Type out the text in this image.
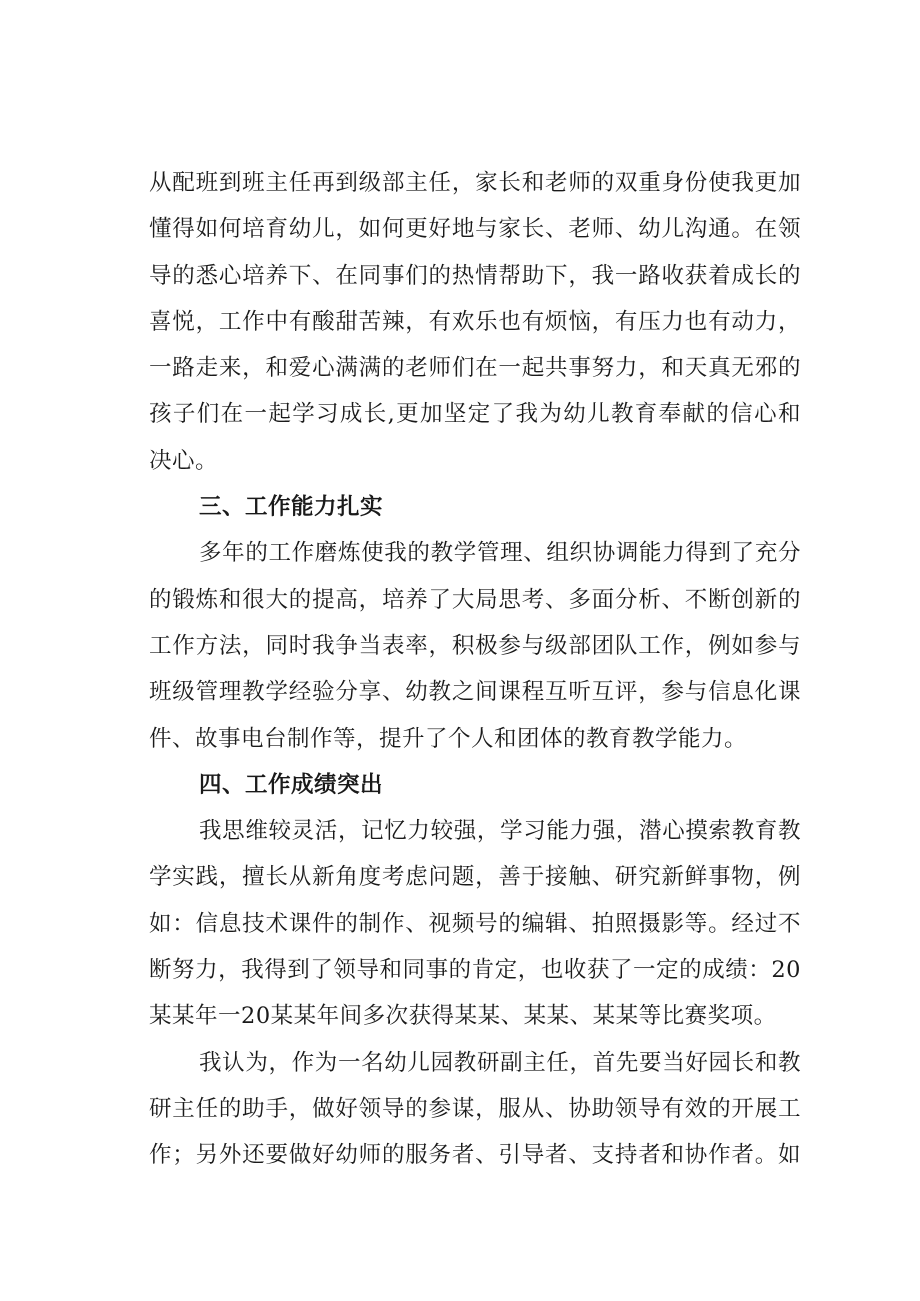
从配班到班主任再到级部主任，家长和老师的双重身份使我更加
懂得如何培育幼儿，如何更好地与家长、老师、幼儿沟通。在领
导的悉心培养下、在同事们的热情帮助下，我一路收获着成长的
喜悦，工作中有酸甜苦辣，有欢乐也有烦恼，有压力也有动力，
一路走来，和爱心满满的老师们在一起共事努力，和天真无邪的
孩子们在一起学习成长,更加坚定了我为幼儿教育奉献的信心和
决心。
三、工作能力扎实
多年的工作磨炼使我的教学管理、组织协调能力得到了充分
的锻炼和很大的提高，培养了大局思考、多面分析、不断创新的
工作方法，同时我争当表率，积极参与级部团队工作，例如参与
班级管理教学经验分享、幼教之间课程互听互评，参与信息化课
件、故事电台制作等，提升了个人和团体的教育教学能力。
四、工作成绩突出
我思维较灵活，记忆力较强，学习能力强，潜心摸索教育教
学实践，擅长从新角度考虑问题，善于接触、研究新鲜事物，例
如：信息技术课件的制作、视频号的编辑、拍照摄影等。经过不
断努力，我得到了领导和同事的肯定，也收获了一定的成绩：20
某某年一20某某年间多次获得某某、某某、某某等比赛奖项。
我认为，作为一名幼儿园教研副主任，首先要当好园长和教
研主任的助手，做好领导的参谋，服从、协助领导有效的开展工
作；另外还要做好幼师的服务者、引导者、支持者和协作者。如
